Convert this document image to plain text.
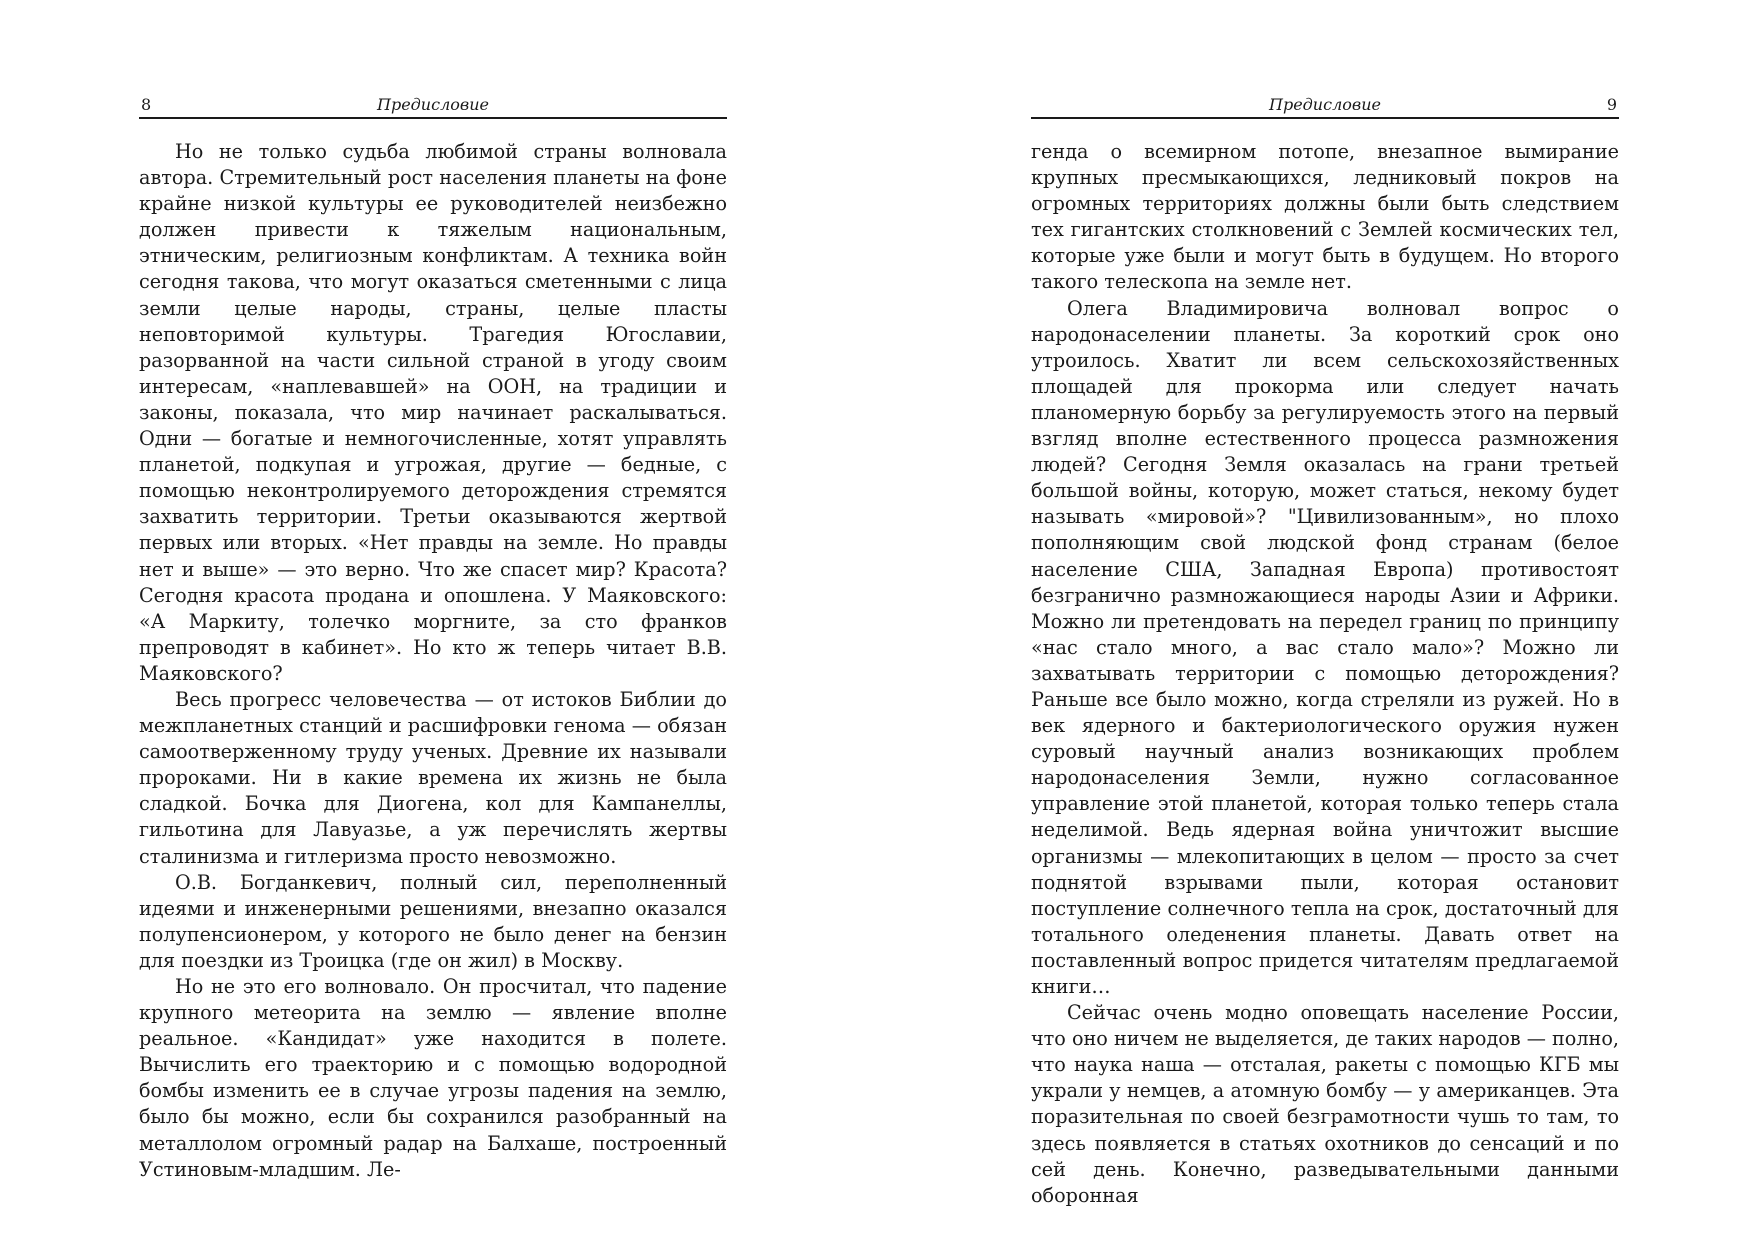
8	Предисловие

Но не только судьба любимой страны волновала автора. Стремительный рост населения планеты на фоне крайне низкой культуры ее руководителей неизбежно должен привести к тяжелым национальным, этническим, религиозным конфликтам. А техника войн сегодня такова, что могут оказаться сметенными с лица земли целые народы, страны, целые пласты неповторимой культуры. Трагедия Югославии, разорванной на части сильной страной в угоду своим интересам, «наплевавшей» на ООН, на традиции и законы, показала, что мир начинает раскалываться. Одни — богатые и немногочисленные, хотят управлять планетой, подкупая и угрожая, другие — бедные, с помощью неконтролируемого деторождения стремятся захватить территории. Третьи оказываются жертвой первых или вторых. «Нет правды на земле. Но правды нет и выше» — это верно. Что же спасет мир? Красота? Сегодня красота продана и опошлена. У Маяковского: «А Маркиту, толечко моргните, за сто франков препроводят в кабинет». Но кто ж теперь читает В.В. Маяковского?

Весь прогресс человечества — от истоков Библии до межпланетных станций и расшифровки генома — обязан самоотверженному труду ученых. Древние их называли пророками. Ни в какие времена их жизнь не была сладкой. Бочка для Диогена, кол для Кампанеллы, гильотина для Лавуазье, а уж перечислять жертвы сталинизма и гитлеризма просто невозможно.

О.В. Богданкевич, полный сил, переполненный идеями и инженерными решениями, внезапно оказался полупенсионером, у которого не было денег на бензин для поездки из Троицка (где он жил) в Москву.

Но не это его волновало. Он просчитал, что падение крупного метеорита на землю — явление вполне реальное. «Кандидат» уже находится в полете. Вычислить его траекторию и с помощью водородной бомбы изменить ее в случае угрозы падения на землю, было бы можно, если бы сохранился разобранный на металлолом огромный радар на Балхаше, построенный Устиновым-младшим. Ле-

Предисловие	9

генда о всемирном потопе, внезапное вымирание крупных пресмыкающихся, ледниковый покров на огромных территориях должны были быть следствием тех гигантских столкновений с Землей космических тел, которые уже были и могут быть в будущем. Но второго такого телескопа на земле нет.

Олега Владимировича волновал вопрос о народонаселении планеты. За короткий срок оно утроилось. Хватит ли всем сельскохозяйственных площадей для прокорма или следует начать планомерную борьбу за регулируемость этого на первый взгляд вполне естественного процесса размножения людей? Сегодня Земля оказалась на грани третьей большой войны, которую, может статься, некому будет называть «мировой»? "Цивилизованным», но плохо пополняющим свой людской фонд странам (белое население США, Западная Европа) противостоят безгранично размножающиеся народы Азии и Африки. Можно ли претендовать на передел границ по принципу «нас стало много, а вас стало мало»? Можно ли захватывать территории с помощью деторождения? Раньше все было можно, когда стреляли из ружей. Но в век ядерного и бактериологического оружия нужен суровый научный анализ возникающих проблем народонаселения Земли, нужно согласованное управление этой планетой, которая только теперь стала неделимой. Ведь ядерная война уничтожит высшие организмы — млекопитающих в целом — просто за счет поднятой взрывами пыли, которая остановит поступление солнечного тепла на срок, достаточный для тотального оледенения планеты. Давать ответ на поставленный вопрос придется читателям предлагаемой книги…

Сейчас очень модно оповещать население России, что оно ничем не выделяется, де таких народов — полно, что наука наша — отсталая, ракеты с помощью КГБ мы украли у немцев, а атомную бомбу — у американцев. Эта поразительная по своей безграмотности чушь то там, то здесь появляется в статьях охотников до сенсаций и по сей день. Конечно, разведывательными данными оборонная
